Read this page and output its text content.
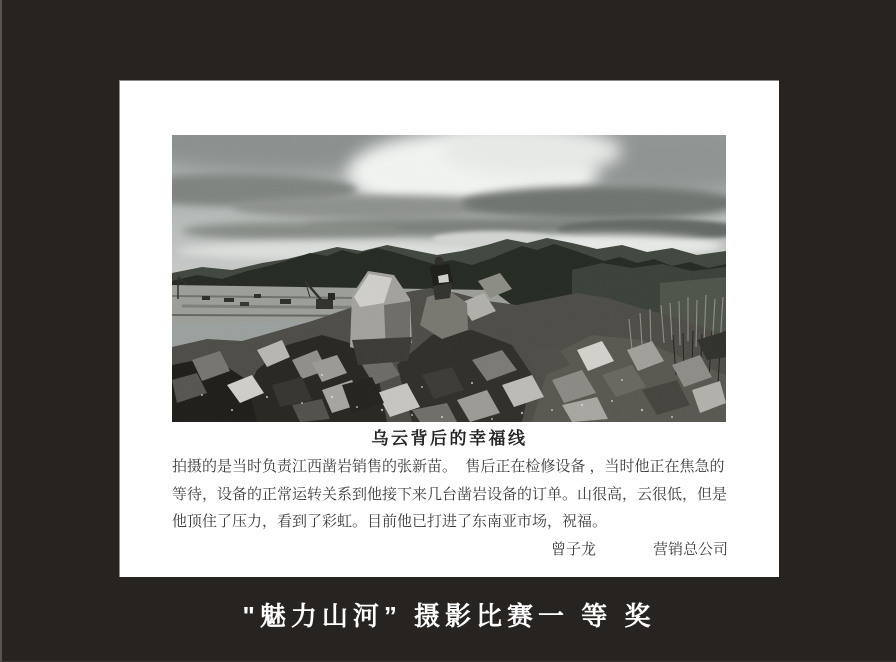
乌云背后的幸福线
拍摄的是当时负责江西凿岩销售的张新苗。  售后正在检修设备 ，当时他正在焦急的
等待，设备的正常运转关系到他接下来几台凿岩设备的订单。山很高，云很低，但是
他顶住了压力，看到了彩虹。目前他已打进了东南亚市场，祝福。
曾子龙	营销总公司
"魅力山河” 摄影比赛一 等 奖
